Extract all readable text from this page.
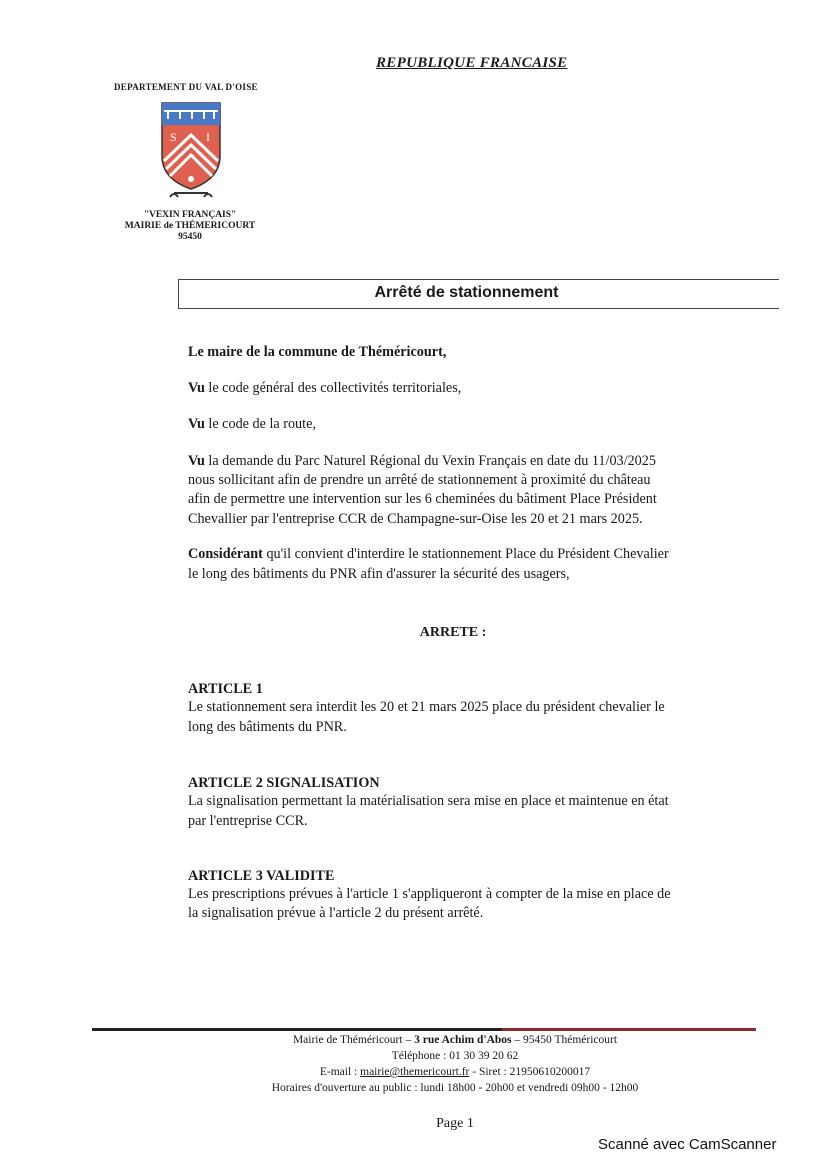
REPUBLIQUE FRANCAISE
DEPARTEMENT DU VAL D'OISE
S I
"VEXIN FRANÇAIS"
MAIRIE de THÉMERICOURT
95450
Arrêté de stationnement
Le maire de la commune de Théméricourt,
Vu le code général des collectivités territoriales,
Vu le code de la route,
Vu la demande du Parc Naturel Régional du Vexin Français en date du 11/03/2025
nous sollicitant afin de prendre un arrêté de stationnement à proximité du château
afin de permettre une intervention sur les 6 cheminées du bâtiment Place Président
Chevallier par l'entreprise CCR de Champagne-sur-Oise les 20 et 21 mars 2025.
Considérant qu'il convient d'interdire le stationnement Place du Président Chevalier
le long des bâtiments du PNR afin d'assurer la sécurité des usagers,
ARRETE :
ARTICLE 1
Le stationnement sera interdit les 20 et 21 mars 2025 place du président chevalier le
long des bâtiments du PNR.
ARTICLE 2 SIGNALISATION
La signalisation permettant la matérialisation sera mise en place et maintenue en état
par l'entreprise CCR.
ARTICLE 3 VALIDITE
Les prescriptions prévues à l'article 1 s'appliqueront à compter de la mise en place de
la signalisation prévue à l'article 2 du présent arrêté.
Mairie de Théméricourt – 3 rue Achim d'Abos – 95450 Théméricourt
Téléphone : 01 30 39 20 62
E-mail : mairie@themericourt.fr - Siret : 21950610200017
Horaires d'ouverture au public : lundi 18h00 - 20h00 et vendredi 09h00 - 12h00
Page 1
Scanné avec CamScanner
